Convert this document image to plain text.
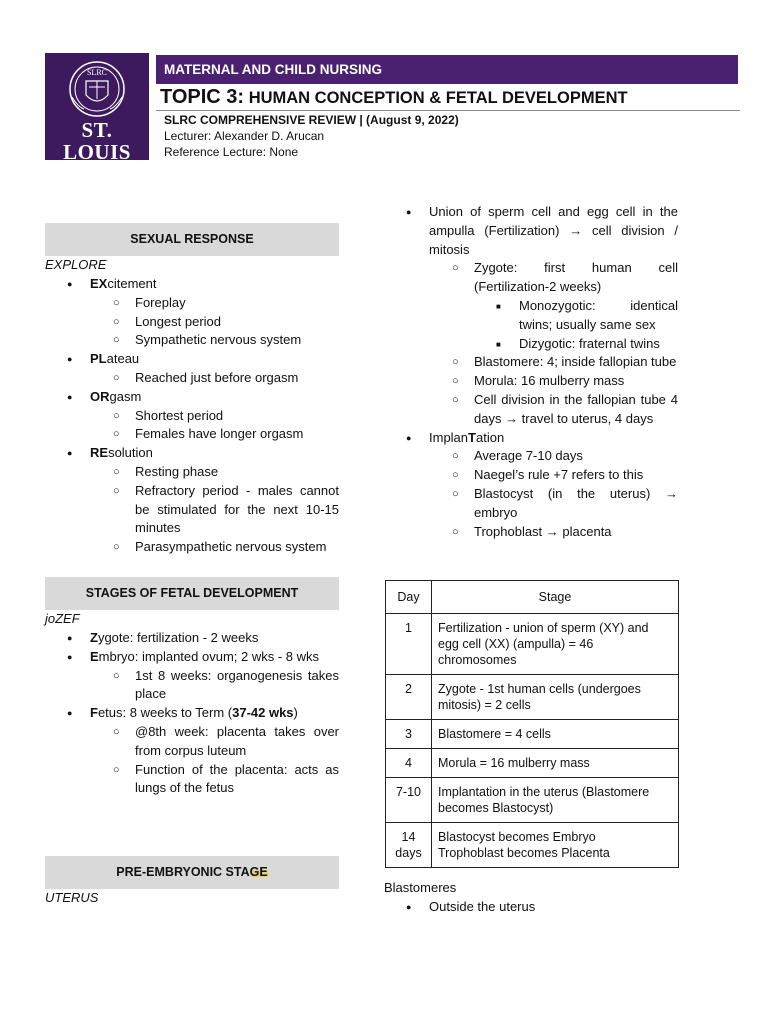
SLRC
ST. LOUIS
REVIEW CENTER
MATERNAL AND CHILD NURSING
TOPIC 3: HUMAN CONCEPTION & FETAL DEVELOPMENT
SLRC COMPREHENSIVE REVIEW | (August 9, 2022)
Lecturer: Alexander D. Arucan
Reference Lecture: None
SEXUAL RESPONSE
EXPLORE
● EXcitement
○ Foreplay
○ Longest period
○ Sympathetic nervous system
● PLateau
○ Reached just before orgasm
● ORgasm
○ Shortest period
○ Females have longer orgasm
● REsolution
○ Resting phase
○ Refractory period - males cannot be stimulated for the next 10-15 minutes
○ Parasympathetic nervous system
STAGES OF FETAL DEVELOPMENT
joZEF
● Zygote: fertilization - 2 weeks
● Embryo: implanted ovum; 2 wks - 8 wks
○ 1st 8 weeks: organogenesis takes place
● Fetus: 8 weeks to Term (37-42 wks)
○ @8th week: placenta takes over from corpus luteum
○ Function of the placenta: acts as lungs of the fetus
PRE-EMBRYONIC STAGE
UTERUS
● Union of sperm cell and egg cell in the ampulla (Fertilization) → cell division / mitosis
○ Zygote: first human cell (Fertilization-2 weeks)
■ Monozygotic: identical twins; usually same sex
■ Dizygotic: fraternal twins
○ Blastomere: 4; inside fallopian tube
○ Morula: 16 mulberry mass
○ Cell division in the fallopian tube 4 days → travel to uterus, 4 days
● ImplanTation
○ Average 7-10 days
○ Naegel’s rule +7 refers to this
○ Blastocyst (in the uterus) → embryo
○ Trophoblast → placenta
Day	Stage
1	Fertilization - union of sperm (XY) and egg cell (XX) (ampulla) = 46 chromosomes
2	Zygote - 1st human cells (undergoes mitosis) = 2 cells
3	Blastomere = 4 cells
4	Morula = 16 mulberry mass
7-10	Implantation in the uterus (Blastomere becomes Blastocyst)
14 days	Blastocyst becomes Embryo
Trophoblast becomes Placenta
Blastomeres
● Outside the uterus
